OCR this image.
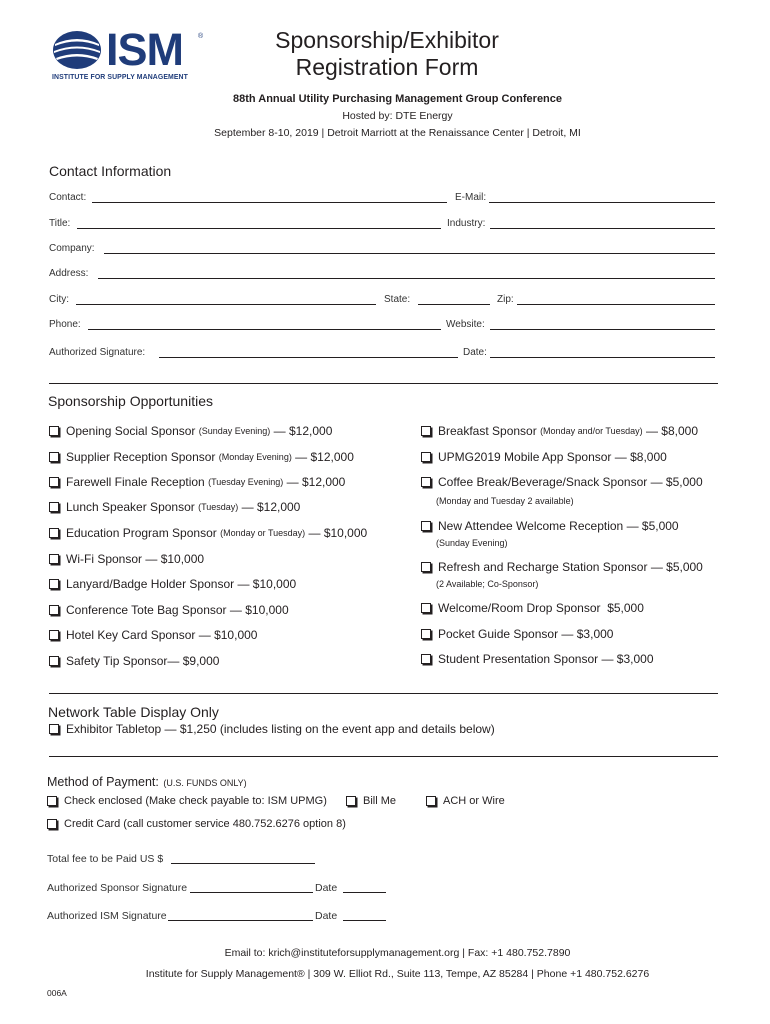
ISM ®
INSTITUTE FOR SUPPLY MANAGEMENT
Sponsorship/Exhibitor
Registration Form
88th Annual Utility Purchasing Management Group Conference
Hosted by: DTE Energy
September 8-10, 2019 | Detroit Marriott at the Renaissance Center | Detroit, MI
Contact Information
Contact:	E-Mail:
Title:	Industry:
Company:
Address:
City:	State:	Zip:
Phone:	Website:
Authorized Signature:	Date:
Sponsorship Opportunities
Opening Social Sponsor
(Sunday Evening)
— $12,000
Supplier Reception Sponsor
(Monday Evening)
— $12,000
Farewell Finale Reception
(Tuesday Evening)
— $12,000
Lunch Speaker Sponsor
(Tuesday)
— $12,000
Education Program Sponsor
(Monday or Tuesday)
— $10,000
Wi-Fi Sponsor
— $10,000
Lanyard/Badge Holder Sponsor
— $10,000
Conference Tote Bag Sponsor
— $10,000
Hotel Key Card Sponsor
— $10,000
Safety Tip Sponsor — $9,000
Breakfast Sponsor
(Monday and/or Tuesday)
— $8,000
UPMG2019 Mobile App Sponsor
— $8,000
Coffee Break/Beverage/Snack Sponsor
— $5,000
(Monday and Tuesday 2 available)
New Attendee Welcome Reception
— $5,000
(Sunday Evening)
Refresh and Recharge Station Sponsor
— $5,000
(2 Available; Co-Sponsor)
Welcome/Room Drop Sponsor
$5,000
Pocket Guide Sponsor
— $3,000
Student Presentation Sponsor
— $3,000
Network Table Display Only
Exhibitor Tabletop — $1,250 (includes listing on the event app and details below)
Method of Payment: (U.S. FUNDS ONLY)
Check enclosed (Make check payable to: ISM UPMG)	Bill Me	ACH or Wire
Credit Card (call customer service 480.752.6276 option 8)
Total fee to be Paid US $
Authorized Sponsor Signature	Date
Authorized ISM Signature	Date
Email to: krich@instituteforsupplymanagement.org | Fax: +1 480.752.7890
Institute for Supply Management® | 309 W. Elliot Rd., Suite 113, Tempe, AZ 85284 | Phone +1 480.752.6276
006A
